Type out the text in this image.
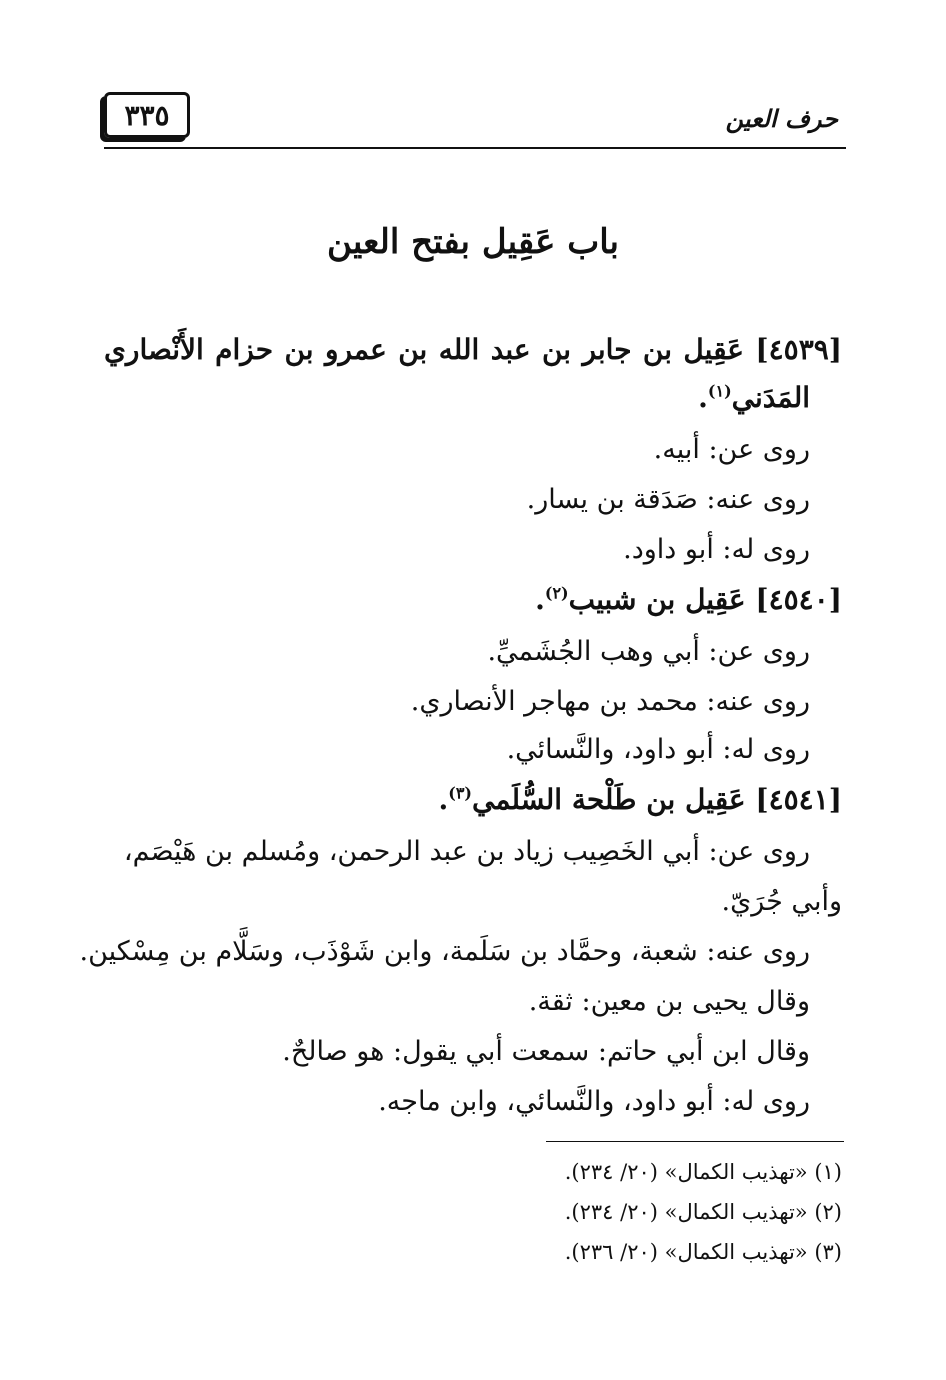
٣٣٥	حرف العين
باب عَقِيل بفتح العين
[٤٥٣٩] عَقِيل بن جابر بن عبد الله بن عمرو بن حزام الأَنْصاري
المَدَني$^{(١)}$.
روى عن: أبيه.
روى عنه: صَدَقة بن يسار.
روى له: أبو داود.
[٤٥٤٠] عَقِيل بن شبيب$^{(٢)}$.
روى عن: أبي وهب الجُشَميِّ.
روى عنه: محمد بن مهاجر الأنصاري.
روى له: أبو داود، والنَّسائي.
[٤٥٤١] عَقِيل بن طَلْحة السُّلَمي$^{(٣)}$.
روى عن: أبي الخَصِيب زياد بن عبد الرحمن، ومُسلم بن هَيْصَم،
وأبي جُرَيّ.
روى عنه: شعبة، وحمَّاد بن سَلَمة، وابن شَوْذَب، وسَلَّام بن مِسْكين.
وقال يحيى بن معين: ثقة.
وقال ابن أبي حاتم: سمعت أبي يقول: هو صالحٌ.
روى له: أبو داود، والنَّسائي، وابن ماجه.
(١) «تهذيب الكمال» (٢٠/ ٢٣٤).
(٢) «تهذيب الكمال» (٢٠/ ٢٣٤).
(٣) «تهذيب الكمال» (٢٠/ ٢٣٦).
